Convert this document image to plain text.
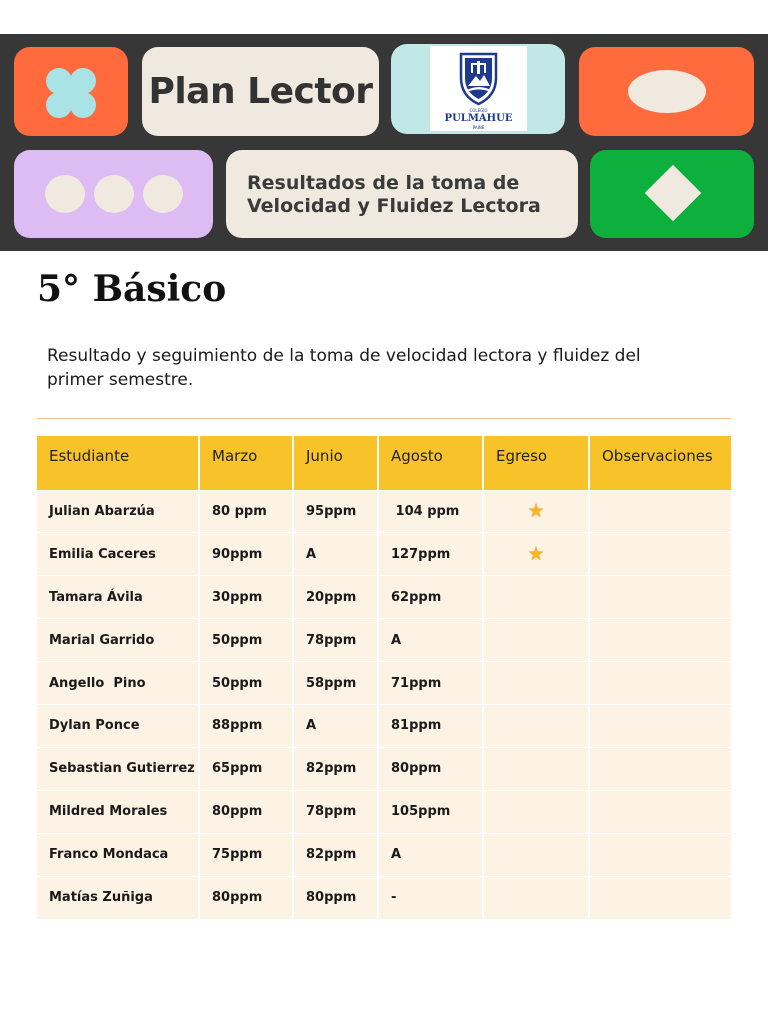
Plan Lector	COLEGIO
PULMAHUE
PAINE
Resultados de la toma de
Velocidad y Fluidez Lectora
5° Básico
Resultado y seguimiento de la toma de velocidad lectora y fluidez del primer semestre.
Estudiante	Marzo	Junio	Agosto	Egreso	Observaciones
Julian Abarzúa	80 ppm	95ppm	104 ppm	★	

Emilia Caceres	90ppm	A	127ppm	★	

Tamara Ávila	30ppm	20ppm	62ppm		
Marial Garrido	50ppm	78ppm	A		
Angello  Pino	50ppm	58ppm	71ppm		
Dylan Ponce	88ppm	A	81ppm		
Sebastian Gutierrez	65ppm	82ppm	80ppm		
Mildred Morales	80ppm	78ppm	105ppm		
Franco Mondaca	75ppm	82ppm	A		
Matías Zuñiga	80ppm	80ppm	-		
